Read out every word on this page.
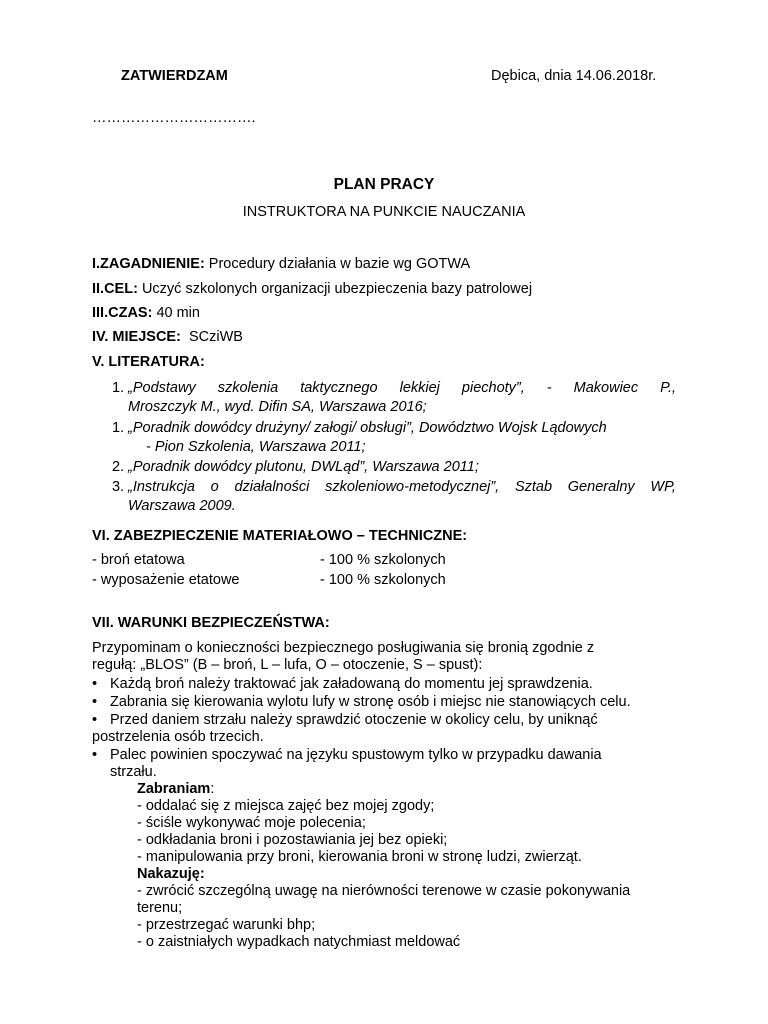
ZATWIERDZAM	Dębica, dnia 14.06.2018r.
…………………………….
PLAN PRACY
INSTRUKTORA NA PUNKCIE NAUCZANIA
I.ZAGADNIENIE: Procedury działania w bazie wg GOTWA
II.CEL: Uczyć szkolonych organizacji ubezpieczenia bazy patrolowej
III.CZAS: 40 min
IV. MIEJSCE:  SCziWB
V. LITERATURA:
1. „Podstawy szkolenia taktycznego lekkiej piechoty”, - Makowiec P.,
Mroszczyk M., wyd. Difin SA, Warszawa 2016;
1. „Poradnik dowódcy drużyny/ załogi/ obsługi”, Dowództwo Wojsk Lądowych
- Pion Szkolenia, Warszawa 2011;
2. „Poradnik dowódcy plutonu, DWLąd”, Warszawa 2011;
3. „Instrukcja o działalności szkoleniowo-metodycznej”, Sztab Generalny WP,
Warszawa 2009.
VI. ZABEZPIECZENIE MATERIAŁOWO – TECHNICZNE:
- broń etatowa	- 100 % szkolonych
- wyposażenie etatowe	- 100 % szkolonych
VII. WARUNKI BEZPIECZEŃSTWA:
Przypominam o konieczności bezpiecznego posługiwania się bronią zgodnie z
regułą: „BLOS” (B – broń, L – lufa, O – otoczenie, S – spust):
• Każdą broń należy traktować jak załadowaną do momentu jej sprawdzenia.
• Zabrania się kierowania wylotu lufy w stronę osób i miejsc nie stanowiących celu.
• Przed daniem strzału należy sprawdzić otoczenie w okolicy celu, by uniknąć
postrzelenia osób trzecich.
• Palec powinien spoczywać na języku spustowym tylko w przypadku dawania
strzału.
Zabraniam:
- oddalać się z miejsca zajęć bez mojej zgody;
- ściśle wykonywać moje polecenia;
- odkładania broni i pozostawiania jej bez opieki;
- manipulowania przy broni, kierowania broni w stronę ludzi, zwierząt.
Nakazuję:
- zwrócić szczególną uwagę na nierówności terenowe w czasie pokonywania
terenu;
- przestrzegać warunki bhp;
- o zaistniałych wypadkach natychmiast meldować
